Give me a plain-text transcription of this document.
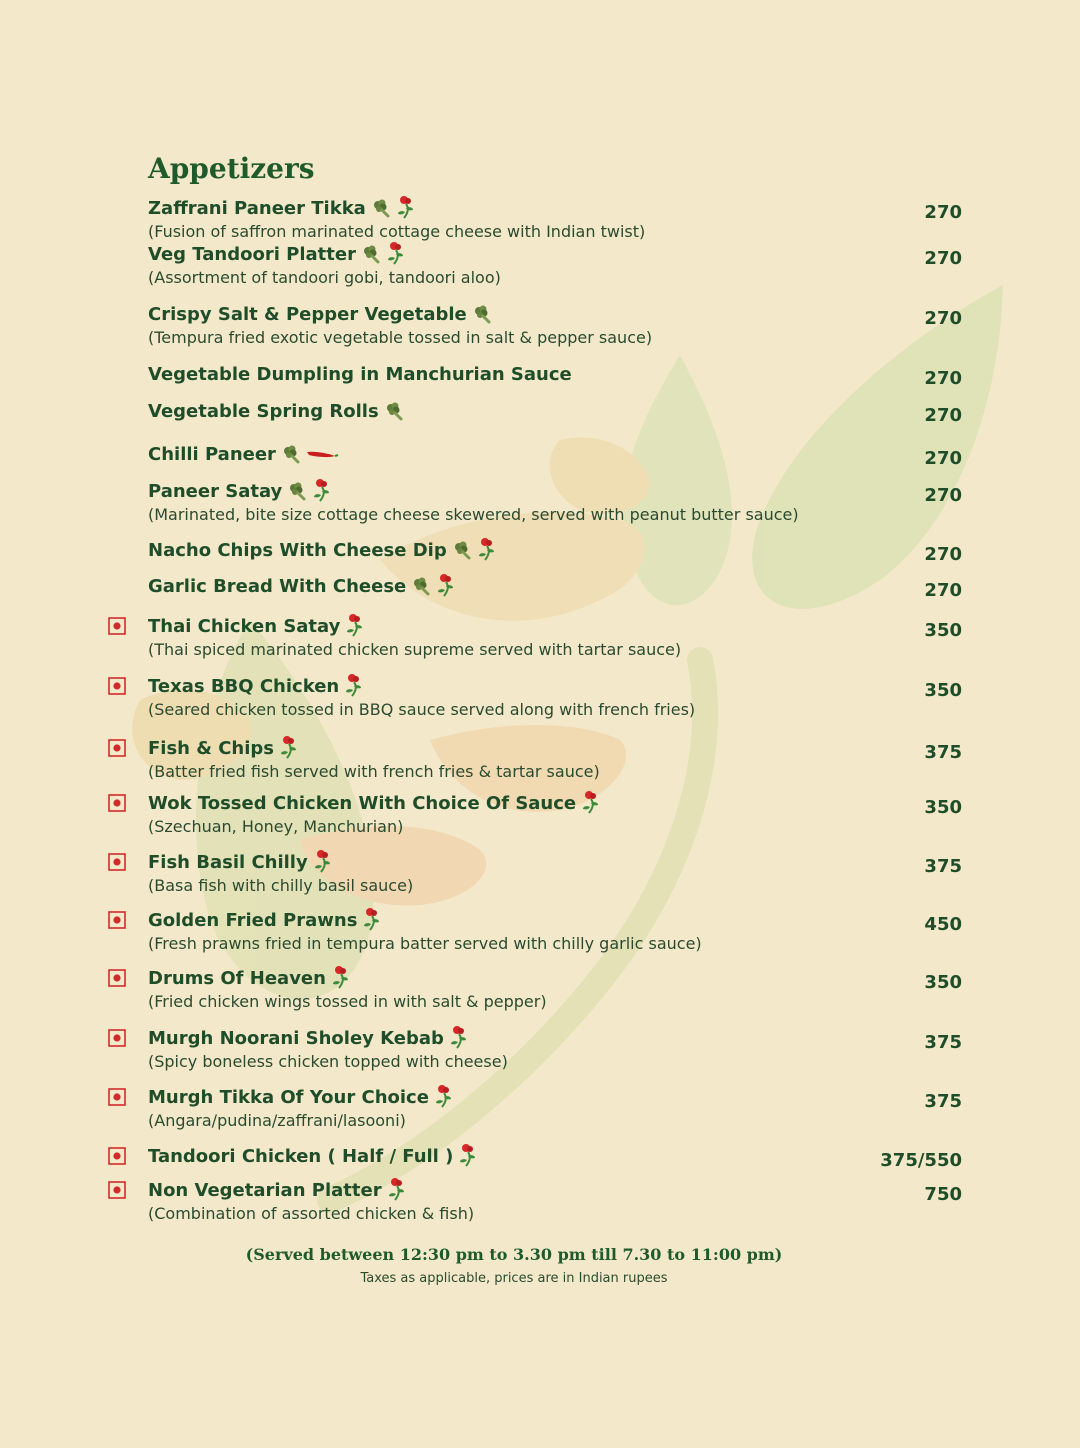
Appetizers
Zaffrani Paneer Tikka	270
(Fusion of saffron marinated cottage cheese with Indian twist)
Veg Tandoori Platter	270
(Assortment of tandoori gobi, tandoori aloo)
Crispy Salt & Pepper Vegetable	270
(Tempura fried exotic vegetable tossed in salt & pepper sauce)
Vegetable Dumpling in Manchurian Sauce	270
Vegetable Spring Rolls	270
Chilli Paneer	270
Paneer Satay	270
(Marinated, bite size cottage cheese skewered, served with peanut butter sauce)
Nacho Chips With Cheese Dip	270
Garlic Bread With Cheese	270
Thai Chicken Satay	350
(Thai spiced marinated chicken supreme served with tartar sauce)
Texas BBQ Chicken	350
(Seared chicken tossed in BBQ sauce served along with french fries)
Fish & Chips	375
(Batter fried fish served with french fries & tartar sauce)
Wok Tossed Chicken With Choice Of Sauce	350
(Szechuan, Honey, Manchurian)
Fish Basil Chilly	375
(Basa fish with chilly basil sauce)
Golden Fried Prawns	450
(Fresh prawns fried in tempura batter served with chilly garlic sauce)
Drums Of Heaven	350
(Fried chicken wings tossed in with salt & pepper)
Murgh Noorani Sholey Kebab	375
(Spicy boneless chicken topped with cheese)
Murgh Tikka Of Your Choice	375
(Angara/pudina/zaffrani/lasooni)
Tandoori Chicken ( Half / Full )	375/550
Non Vegetarian Platter	750
(Combination of assorted chicken & fish)
(Served between 12:30 pm to 3.30 pm till 7.30 to 11:00 pm)
Taxes as applicable, prices are in Indian rupees
